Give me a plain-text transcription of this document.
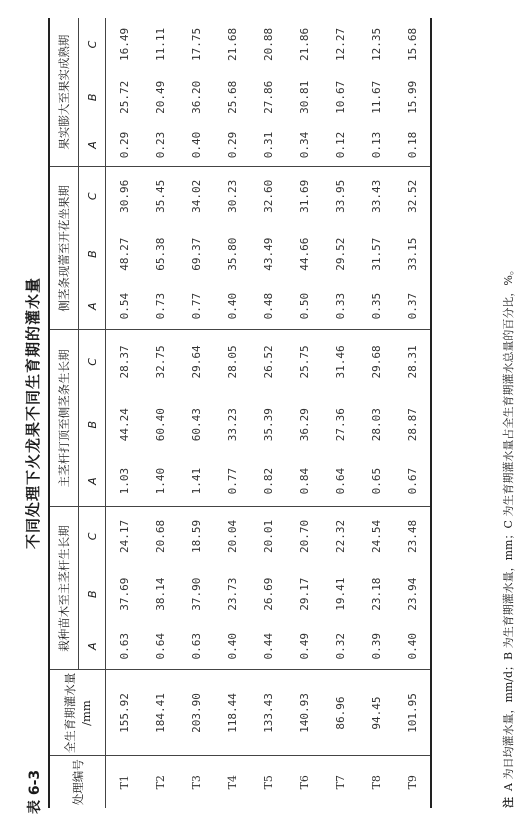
表 6-3
不同处理下火龙果不同生育期的灌水量
处理编号	全生育期灌水量 /mm	栽种苗木至主茎杆生长期			主茎杆打顶至侧茎条生长期			侧茎条现蕾至开花坐果期			果实膨大至果实成熟期		
		A	B	C	A	B	C	A	B	C	A	B	C
T1	155.92	0.63	37.69	24.17	1.03	44.24	28.37	0.54	48.27	30.96	0.29	25.72	16.49
T2	184.41	0.64	38.14	20.68	1.40	60.40	32.75	0.73	65.38	35.45	0.23	20.49	11.11
T3	203.90	0.63	37.90	18.59	1.41	60.43	29.64	0.77	69.37	34.02	0.40	36.20	17.75
T4	118.44	0.40	23.73	20.04	0.77	33.23	28.05	0.40	35.80	30.23	0.29	25.68	21.68
T5	133.43	0.44	26.69	20.01	0.82	35.39	26.52	0.48	43.49	32.60	0.31	27.86	20.88
T6	140.93	0.49	29.17	20.70	0.84	36.29	25.75	0.50	44.66	31.69	0.34	30.81	21.86
T7	86.96	0.32	19.41	22.32	0.64	27.36	31.46	0.33	29.52	33.95	0.12	10.67	12.27
T8	94.45	0.39	23.18	24.54	0.65	28.03	29.68	0.35	31.57	33.43	0.13	11.67	12.35
T9	101.95	0.40	23.94	23.48	0.67	28.87	28.31	0.37	33.15	32.52	0.18	15.99	15.68
注A 为日均灌水量，mm/d；B 为生育期灌水量，mm；C 为生育期灌水量占全生育期灌水总量的百分比，%。
